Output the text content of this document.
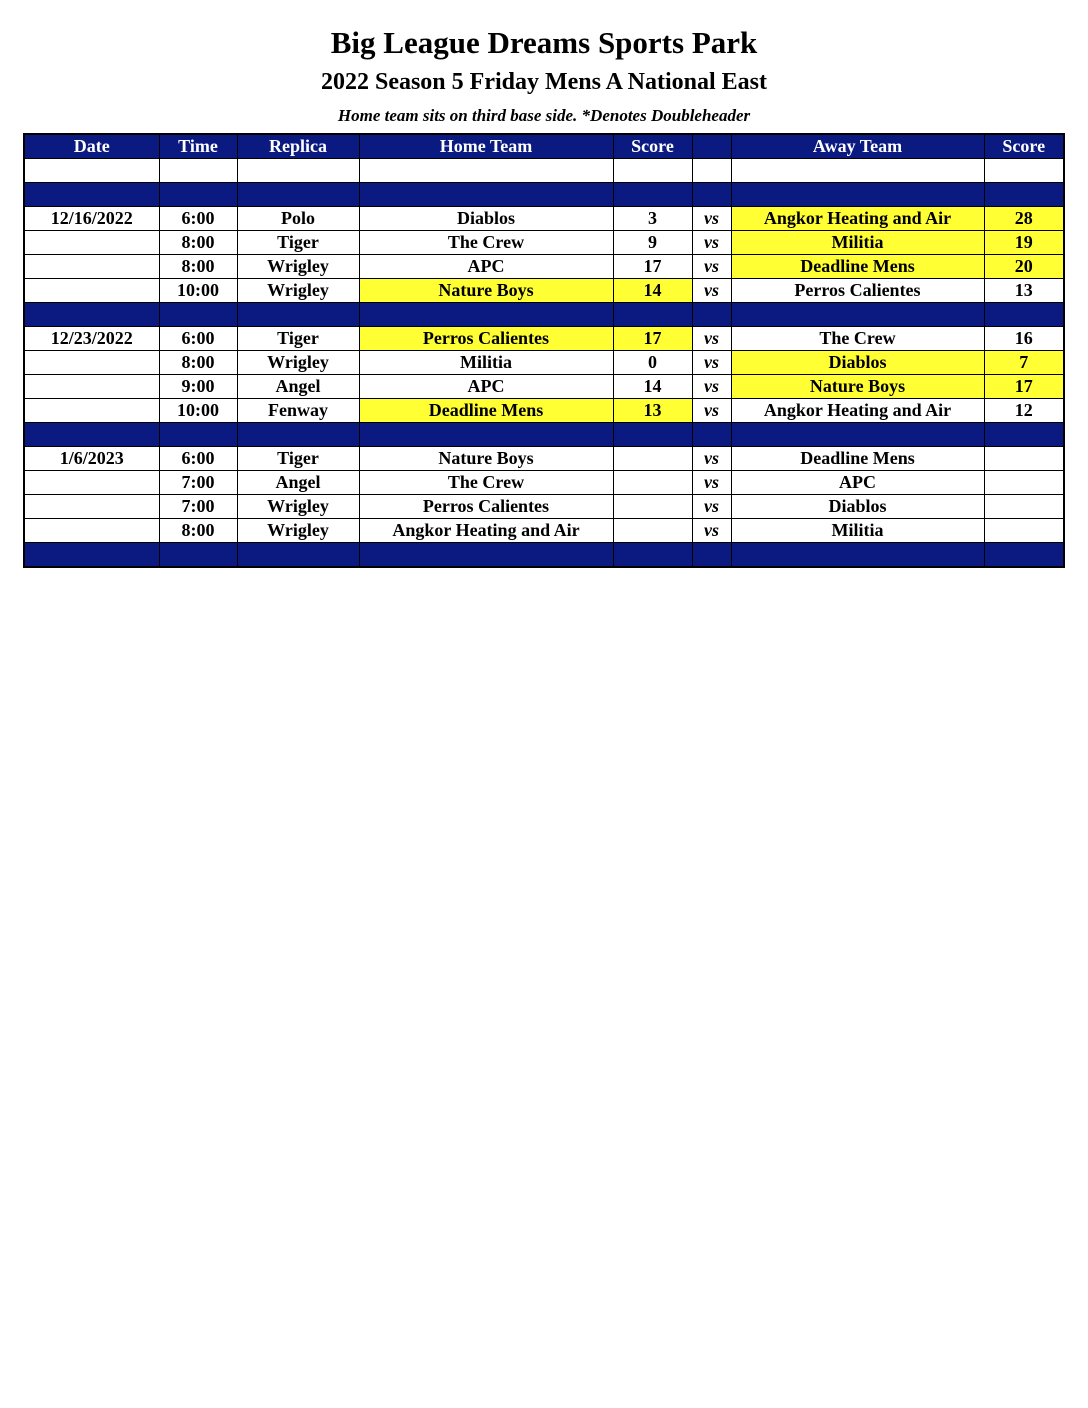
Big League Dreams Sports Park
2022 Season 5 Friday Mens A National East
Home team sits on third base side. *Denotes Doubleheader
Date	Time	Replica	Home Team	Score		Away Team	Score

12/16/2022	6:00	Polo	Diablos	3	vs	Angkor Heating and Air	28
	8:00	Tiger	The Crew	9	vs	Militia	19
	8:00	Wrigley	APC	17	vs	Deadline Mens	20
	10:00	Wrigley	Nature Boys	14	vs	Perros Calientes	13

12/23/2022	6:00	Tiger	Perros Calientes	17	vs	The Crew	16
	8:00	Wrigley	Militia	0	vs	Diablos	7
	9:00	Angel	APC	14	vs	Nature Boys	17
	10:00	Fenway	Deadline Mens	13	vs	Angkor Heating and Air	12

1/6/2023	6:00	Tiger	Nature Boys		vs	Deadline Mens	
	7:00	Angel	The Crew		vs	APC	
	7:00	Wrigley	Perros Calientes		vs	Diablos	
	8:00	Wrigley	Angkor Heating and Air		vs	Militia	
